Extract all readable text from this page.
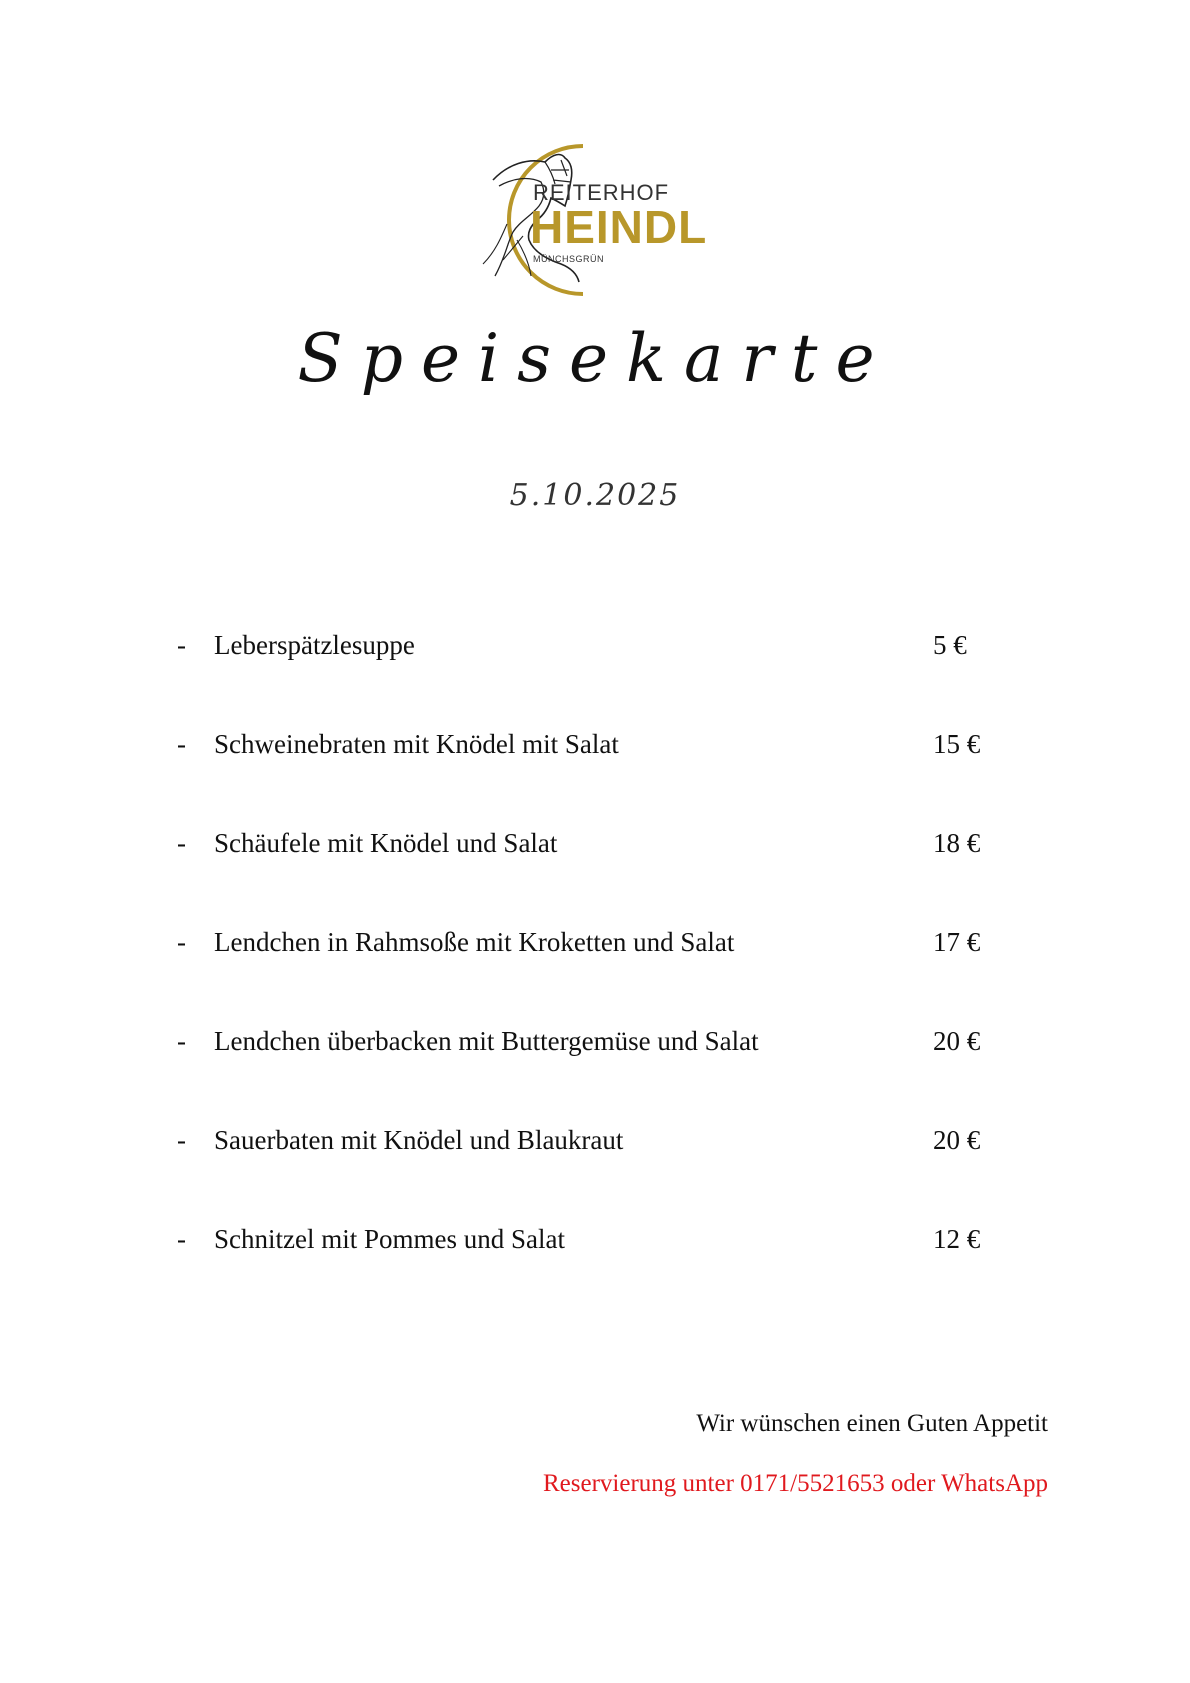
REITERHOF
HEINDL
MÜNCHSGRÜN
Speisekarte
5.10.2025
- Leberspätzlesuppe	5 €
- Schweinebraten mit Knödel mit Salat	15 €
- Schäufele mit Knödel und Salat	18 €
- Lendchen in Rahmsoße mit Kroketten und Salat	17 €
- Lendchen überbacken mit Buttergemüse und Salat	20 €
- Sauerbaten mit Knödel und Blaukraut	20 €
- Schnitzel mit Pommes und Salat	12 €
Wir wünschen einen Guten Appetit
Reservierung unter 0171/5521653 oder WhatsApp
